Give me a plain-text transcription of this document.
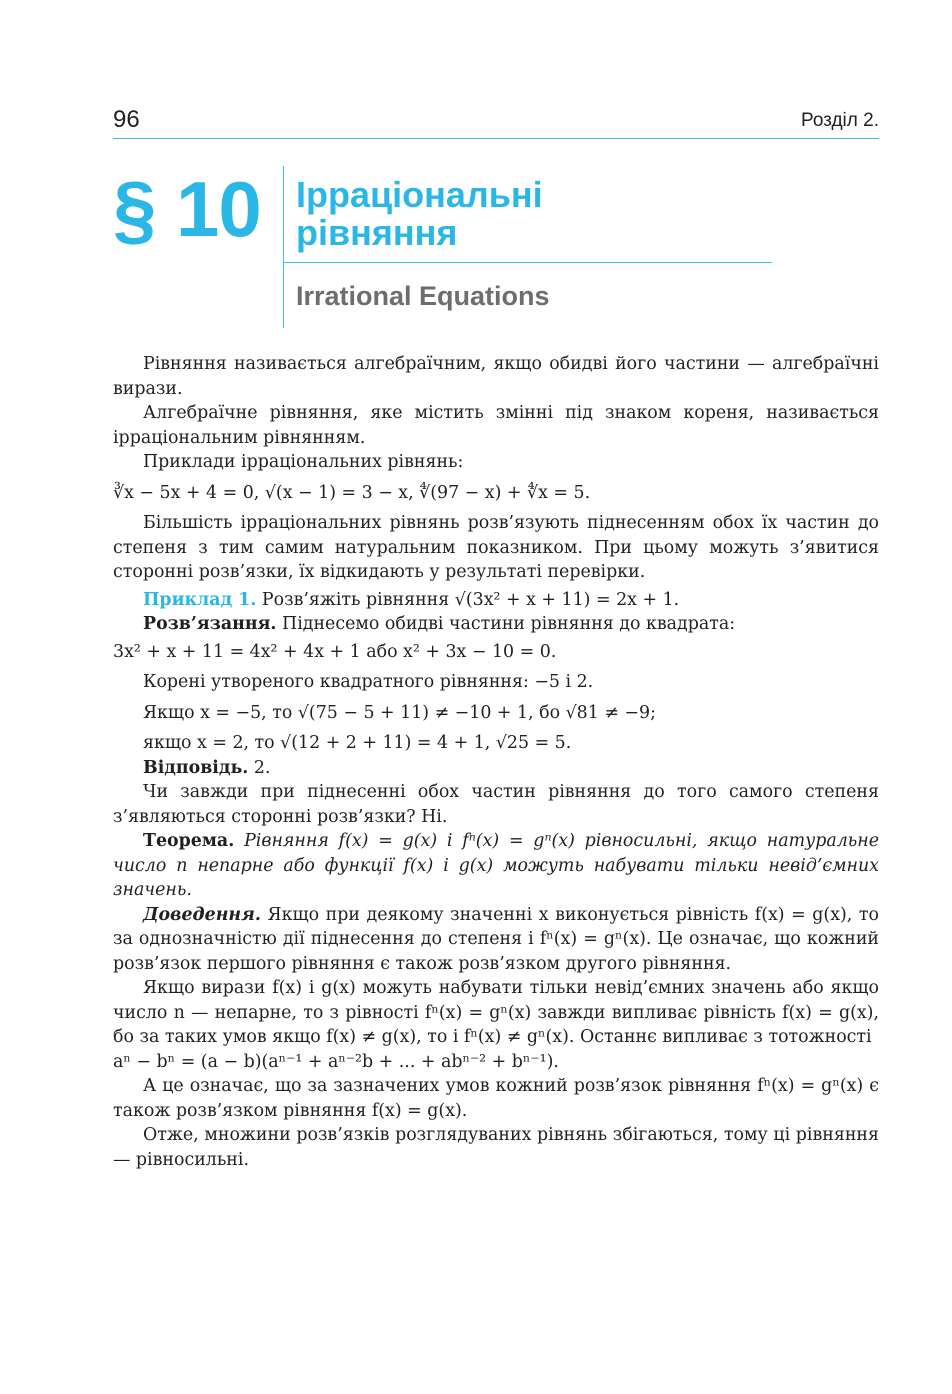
96	Розділ 2.
§ 10 Ірраціональні
рівняння
Irrational Equations

Рівняння називається алгебраїчним, якщо обидві його частини — алгебраїчні вирази.

Алгебраїчне рівняння, яке містить змінні під знаком кореня, називається ірраціональним рівнянням.

Приклади ірраціональних рівнянь:

∛x − 5x + 4 = 0, √(x − 1) = 3 − x, ∜(97 − x) + ∜x = 5.

Більшість ірраціональних рівнянь розв’язують піднесенням обох їх частин до степеня з тим самим натуральним показником. При цьому можуть з’явитися сторонні розв’язки, їх відкидають у результаті перевірки.

Приклад 1. Розв’яжіть рівняння √(3x² + x + 11) = 2x + 1.

Розв’язання. Піднесемо обидві частини рівняння до квадрата:

3x² + x + 11 = 4x² + 4x + 1 або x² + 3x − 10 = 0.

Корені утвореного квадратного рівняння: −5 і 2.

Якщо x = −5, то √(75 − 5 + 11) ≠ −10 + 1, бо √81 ≠ −9;

якщо x = 2, то √(12 + 2 + 11) = 4 + 1, √25 = 5.

Відповідь. 2.

Чи завжди при піднесенні обох частин рівняння до того самого степеня з’являються сторонні розв’язки? Ні.

Теорема. Рівняння f(x) = g(x) і fⁿ(x) = gⁿ(x) рівносильні, якщо натуральне число n непарне або функції f(x) і g(x) можуть набувати тільки невід’ємних значень.

Доведення. Якщо при деякому значенні x виконується рівність f(x) = g(x), то за однозначністю дії піднесення до степеня і fⁿ(x) = gⁿ(x). Це означає, що кожний розв’язок першого рівняння є також розв’язком другого рівняння.

Якщо вирази f(x) і g(x) можуть набувати тільки невід’ємних значень або якщо число n — непарне, то з рівності fⁿ(x) = gⁿ(x) завжди випливає рівність f(x) = g(x), бо за таких умов якщо f(x) ≠ g(x), то і fⁿ(x) ≠ gⁿ(x). Останнє випливає з тотожності

aⁿ − bⁿ = (a − b)(aⁿ⁻¹ + aⁿ⁻²b + ... + abⁿ⁻² + bⁿ⁻¹).

А це означає, що за зазначених умов кожний розв’язок рівняння fⁿ(x) = gⁿ(x) є також розв’язком рівняння f(x) = g(x).

Отже, множини розв’язків розглядуваних рівнянь збігаються, тому ці рівняння — рівносильні.
